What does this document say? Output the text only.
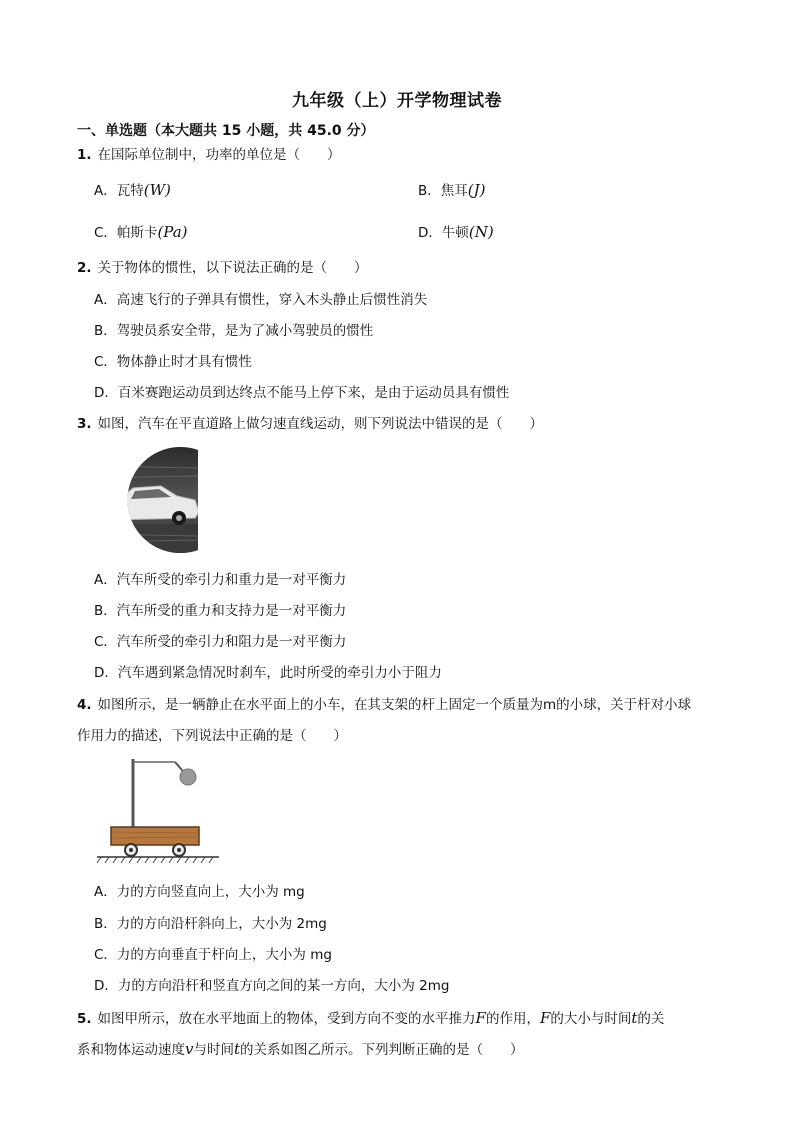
九年级（上）开学物理试卷
一、单选题（本大题共 15 小题，共 45.0 分）
1. 在国际单位制中，功率的单位是（　　）
A．瓦特(W)	B．焦耳(J)
C．帕斯卡(Pa)	D．牛顿(N)
2. 关于物体的惯性，以下说法正确的是（　　）
A．高速飞行的子弹具有惯性，穿入木头静止后惯性消失
B．驾驶员系安全带，是为了减小驾驶员的惯性
C．物体静止时才具有惯性
D．百米赛跑运动员到达终点不能马上停下来，是由于运动员具有惯性
3. 如图，汽车在平直道路上做匀速直线运动，则下列说法中错误的是（　　）
A．汽车所受的牵引力和重力是一对平衡力
B．汽车所受的重力和支持力是一对平衡力
C．汽车所受的牵引力和阻力是一对平衡力
D．汽车遇到紧急情况时刹车，此时所受的牵引力小于阻力
4. 如图所示，是一辆静止在水平面上的小车，在其支架的杆上固定一个质量为m的小球，关于杆对小球
作用力的描述，下列说法中正确的是（　　）
A．力的方向竖直向上，大小为 mg
B．力的方向沿杆斜向上，大小为 2mg
C．力的方向垂直于杆向上，大小为 mg
D．力的方向沿杆和竖直方向之间的某一方向，大小为 2mg
5. 如图甲所示，放在水平地面上的物体，受到方向不变的水平推力F的作用，F的大小与时间t的关
系和物体运动速度v与时间t的关系如图乙所示。下列判断正确的是（　　）
